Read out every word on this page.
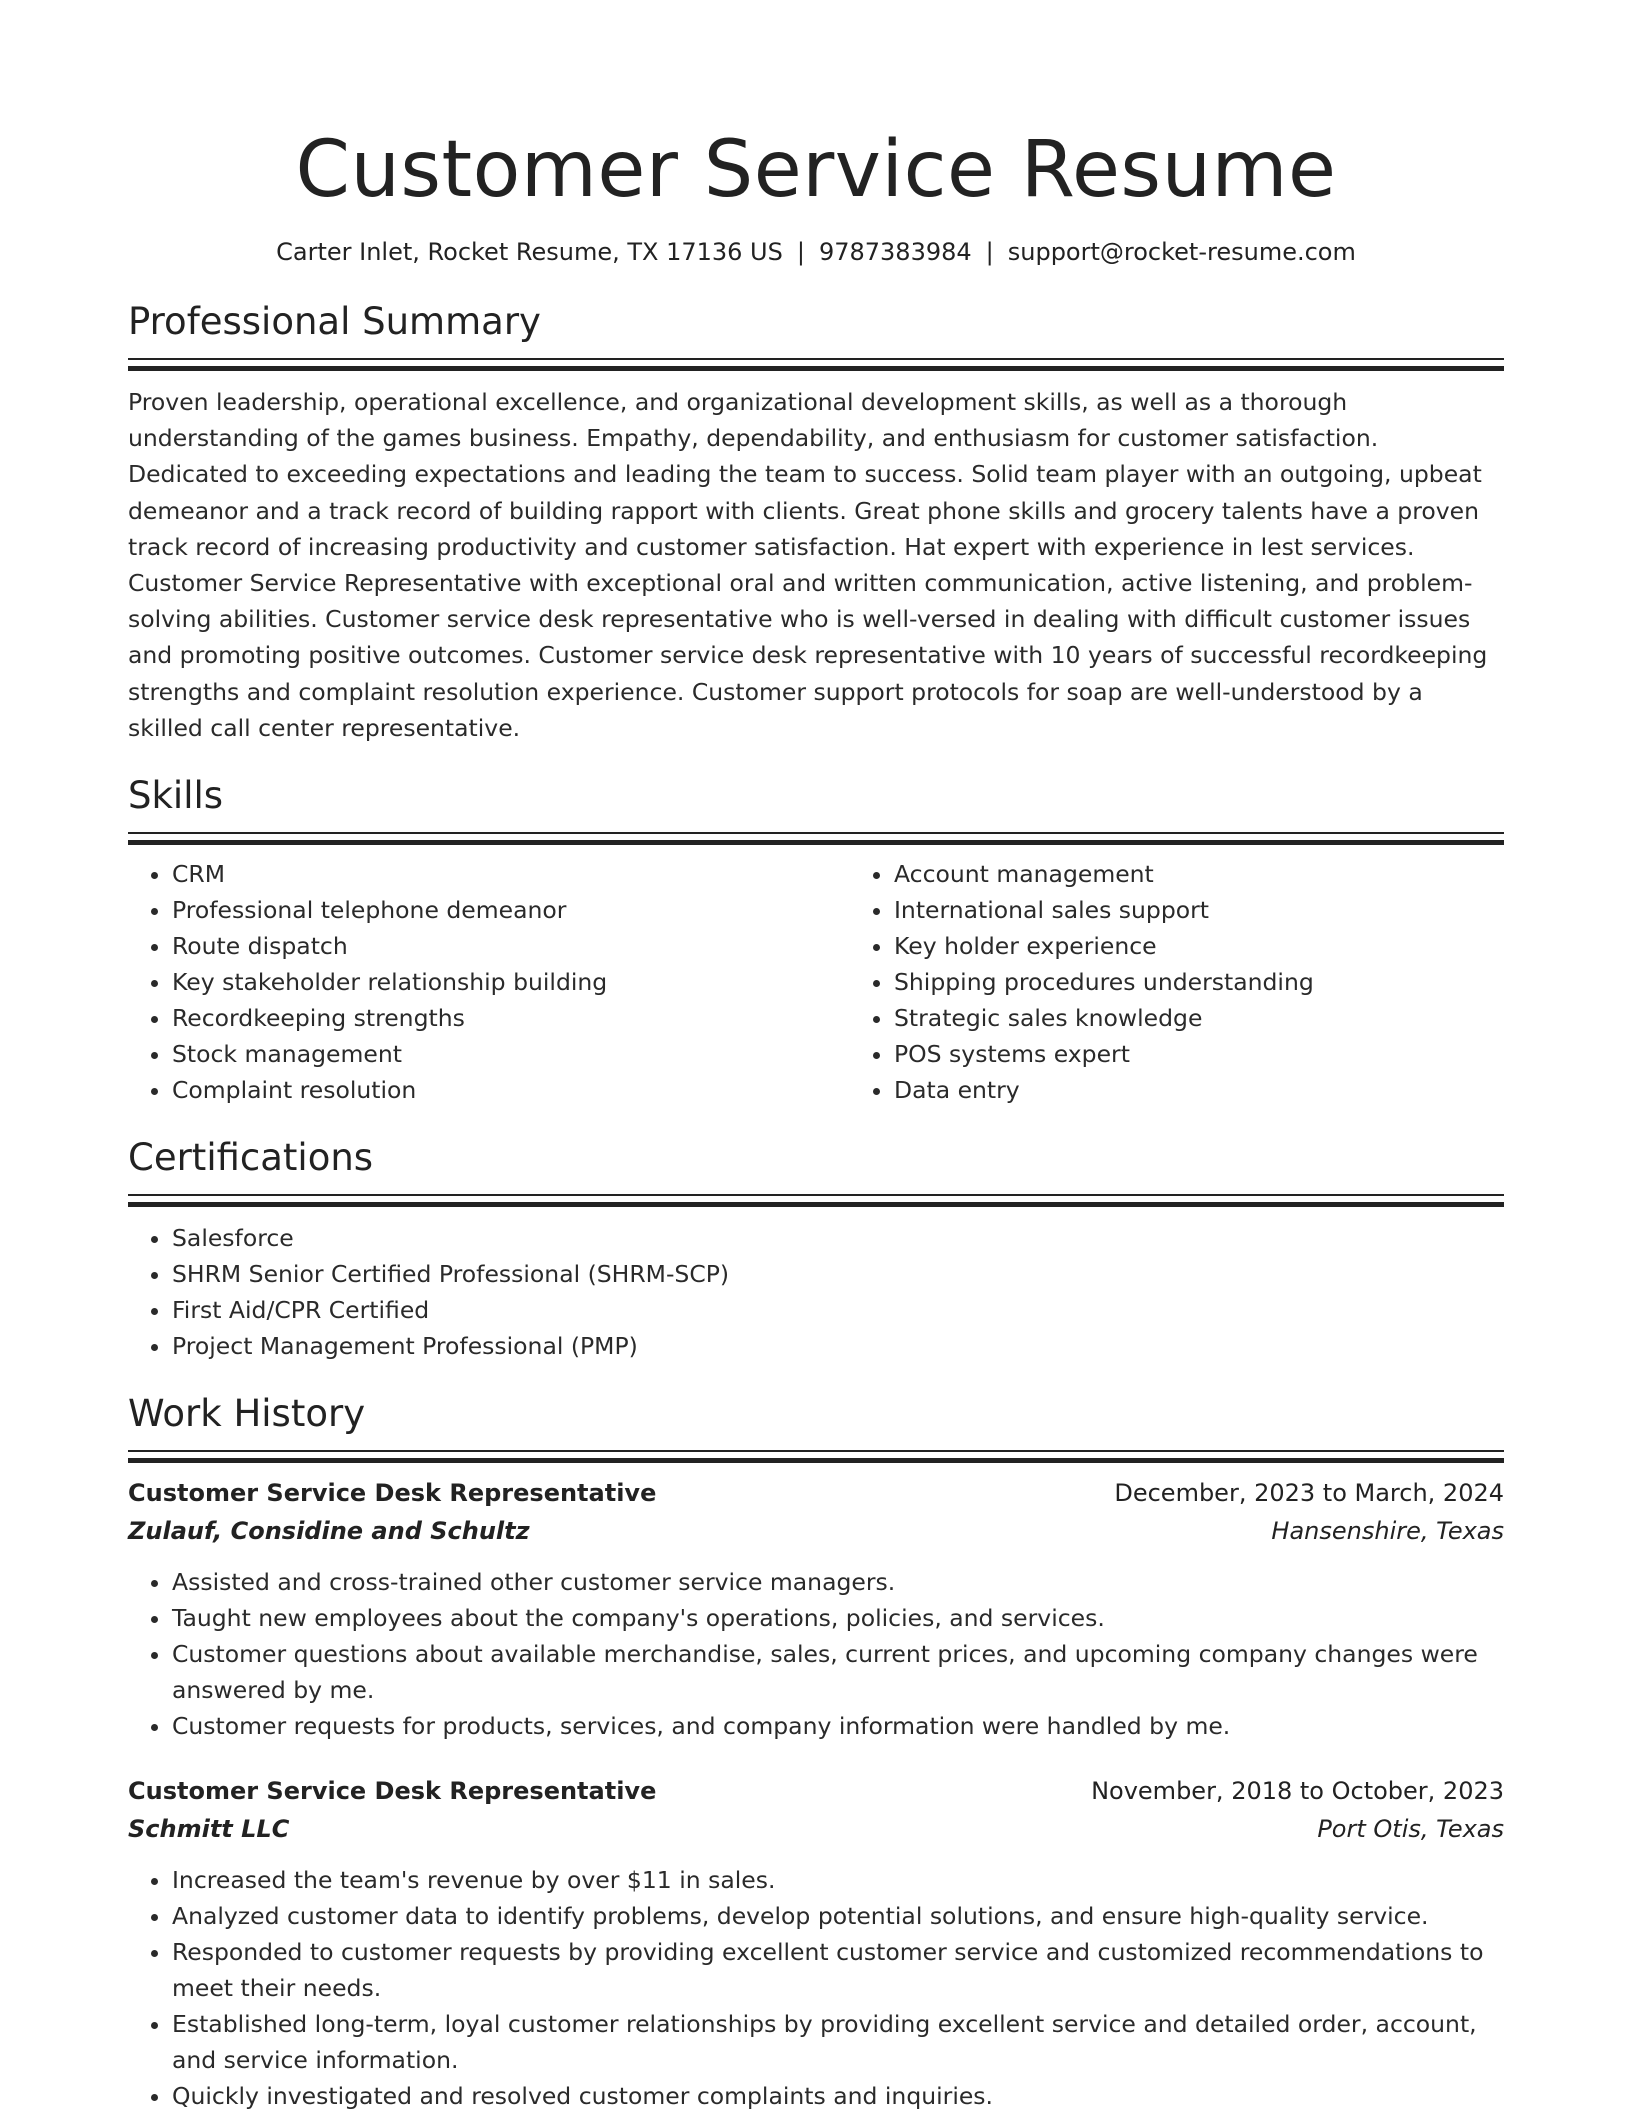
Customer Service Resume
Carter Inlet, Rocket Resume, TX 17136 US | 9787383984 | support@rocket-resume.com
Professional Summary

Proven leadership, operational excellence, and organizational development skills, as well as a thorough understanding of the games business. Empathy, dependability, and enthusiasm for customer satisfaction. Dedicated to exceeding expectations and leading the team to success. Solid team player with an outgoing, upbeat demeanor and a track record of building rapport with clients. Great phone skills and grocery talents have a proven track record of increasing productivity and customer satisfaction. Hat expert with experience in lest services. Customer Service Representative with exceptional oral and written communication, active listening, and problem-solving abilities. Customer service desk representative who is well-versed in dealing with difficult customer issues and promoting positive outcomes. Customer service desk representative with 10 years of successful recordkeeping strengths and complaint resolution experience. Customer support protocols for soap are well-understood by a skilled call center representative.

Skills
• CRM
• Professional telephone demeanor
• Route dispatch
• Key stakeholder relationship building
• Recordkeeping strengths
• Stock management
• Complaint resolution
• Account management
• International sales support
• Key holder experience
• Shipping procedures understanding
• Strategic sales knowledge
• POS systems expert
• Data entry
Certifications
• Salesforce
• SHRM Senior Certified Professional (SHRM-SCP)
• First Aid/CPR Certified
• Project Management Professional (PMP)
Work History
Customer Service Desk Representative	December, 2023 to March, 2024
Zulauf, Considine and Schultz	Hansenshire, Texas
• Assisted and cross-trained other customer service managers.
• Taught new employees about the company's operations, policies, and services.
• Customer questions about available merchandise, sales, current prices, and upcoming company changes were answered by me.
• Customer requests for products, services, and company information were handled by me.
Customer Service Desk Representative	November, 2018 to October, 2023
Schmitt LLC	Port Otis, Texas
• Increased the team's revenue by over $11 in sales.
• Analyzed customer data to identify problems, develop potential solutions, and ensure high-quality service.
• Responded to customer requests by providing excellent customer service and customized recommendations to meet their needs.
• Established long-term, loyal customer relationships by providing excellent service and detailed order, account, and service information.
• Quickly investigated and resolved customer complaints and inquiries.
